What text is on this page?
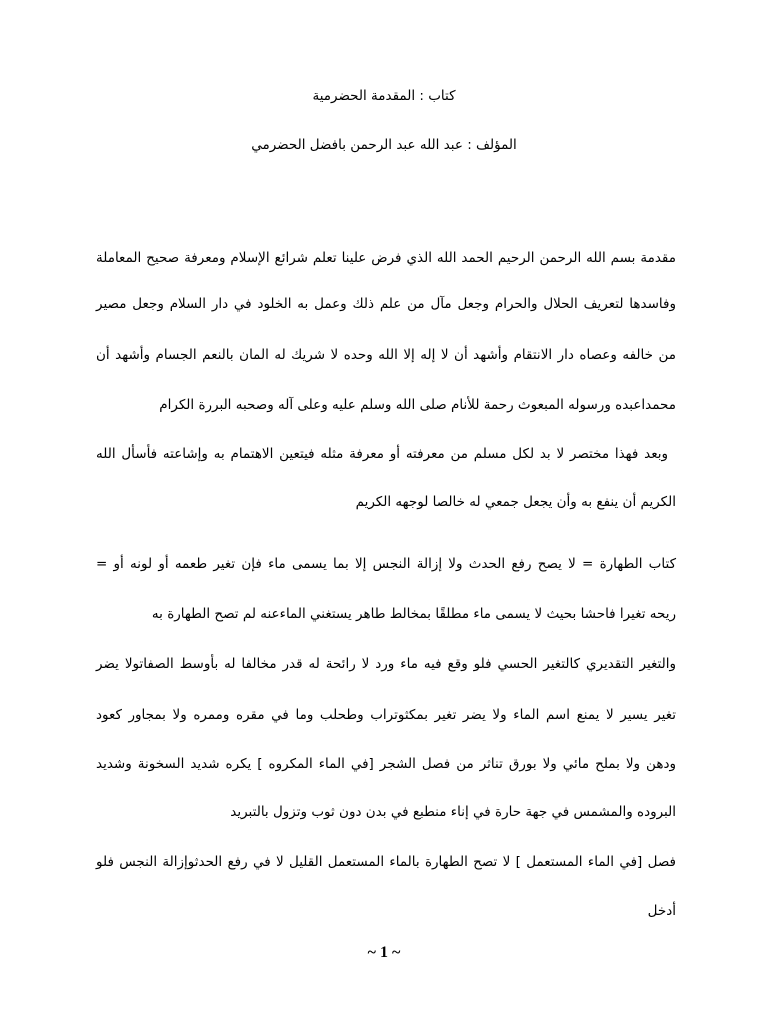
كتاب : المقدمة الحضرمية
المؤلف : عبد الله عبد الرحمن بافضل الحضرمي
مقدمة بسم الله الرحمن الرحيم الحمد الله الذي فرض علينا تعلم شرائع الإسلام ومعرفة صحيح المعاملة
وفاسدها لتعريف الحلال والحرام وجعل مآل من علم ذلك وعمل به الخلود في دار السلام وجعل مصير
من خالفه وعصاه دار الانتقام وأشهد أن لا إله إلا الله وحده لا شريك له المان بالنعم الجسام وأشهد أن
محمداعبده ورسوله المبعوث رحمة للأنام صلى الله وسلم عليه وعلى آله وصحبه البررة الكرام
وبعد فهذا مختصر لا بد لكل مسلم من معرفته أو معرفة مثله فيتعين الاهتمام به وإشاعته فأسأل الله
الكريم أن ينفع به وأن يجعل جمعي له خالصا لوجهه الكريم
كتاب الطهارة = لا يصح رفع الحدث ولا إزالة النجس إلا بما يسمى ماء فإن تغير طعمه أو لونه أو =
ريحه تغيرا فاحشا بحيث لا يسمى ماء مطلقًا بمخالط طاهر يستغني الماءعنه لم تصح الطهارة به
والتغير التقديري كالتغير الحسي فلو وقع فيه ماء ورد لا رائحة له قدر مخالفا له بأوسط الصفاتولا يضر
تغير يسير لا يمنع اسم الماء ولا يضر تغير بمكثوتراب وطحلب وما في مقره وممره ولا بمجاور كعود
ودهن ولا بملح مائي ولا بورق تناثر من فصل الشجر [في الماء المكروه ] يكره شديد السخونة وشديد
البروده والمشمس في جهة حارة في إناء منطبع في بدن دون ثوب وتزول بالتبريد
فصل [في الماء المستعمل ] لا تصح الطهارة بالماء المستعمل القليل لا في رفع الحدثوإزالة النجس فلو
أدخل
~ 1 ~
